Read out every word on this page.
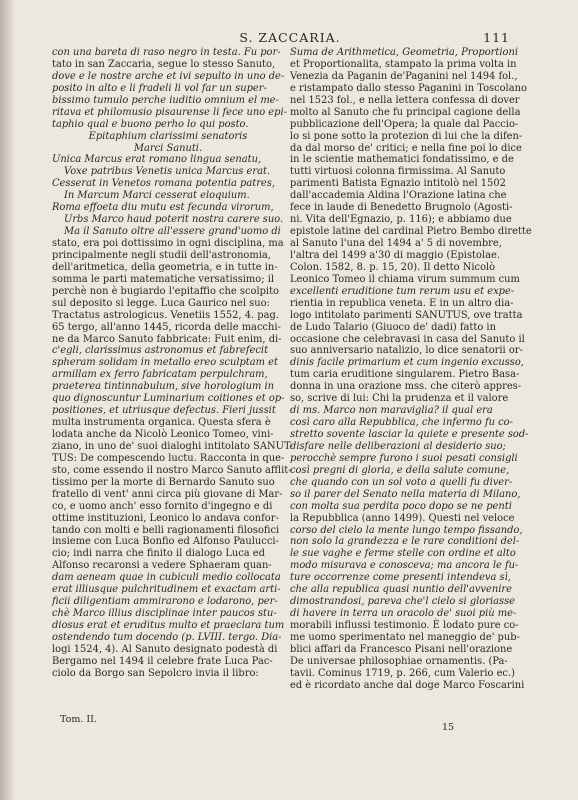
S. ZACCARIA.	111
con una bareta di raso negro in testa. Fu por-
tato in san Zaccaria, segue lo stesso Sanuto,
dove e le nostre arche et ivi sepulto in uno de-
posito in alto e li fradeli li vol far un super-
bissimo tumulo perche iuditio omnium el me-
ritava et philomusio pisaurense li fece uno epi-
taphio qual e buono perho lo qui posto.
Epitaphium clarissimi senatoris
Marci Sanuti.
Unica Marcus erat romano lingua senatu,
Voxe patribus Venetis unica Marcus erat.
Cesserat in Venetos romana potentia patres,
In Marcum Marci cesserat eloquium.
Roma effoeta diu mutu est fecunda virorum,
Urbs Marco haud poterit nostra carere suo.
Ma il Sanuto oltre all'essere grand'uomo di
stato, era poi dottissimo in ogni disciplina, ma
principalmente negli studii dell'astronomia,
dell'aritmetica, della geometria, e in tutte in-
somma le parti matematiche versatissimo; il
perchè non è bugiardo l'epitaffio che scolpito
sul deposito si legge. Luca Gaurico nel suo:
Tractatus astrologicus. Venetiis 1552, 4. pag.
65 tergo, all'anno 1445, ricorda delle macchi-
ne da Marco Sanuto fabbricate: Fuit enim, di-
c'egli, clarissimus astronomus et fabrefecit
spheram solidam in metallo ereo sculptam et
armillam ex ferro fabricatam perpulchram,
praeterea tintinnabulum, sive horologium in
quo dignoscuntur Luminarium coitiones et op-
positiones, et utriusque defectus. Fieri jussit
multa instrumenta organica. Questa sfera è
lodata anche da Nicolò Leonico Tomeo, vini-
ziano, in uno de' suoi dialoghi intitolato SANUT-
TUS: De compescendo luctu. Racconta in que-
sto, come essendo il nostro Marco Sanuto afflit-
tissimo per la morte di Bernardo Sanuto suo
fratello di vent' anni circa più giovane di Mar-
co, e uomo anch' esso fornito d'ingegno e di
ottime instituzioni, Leonico lo andava confor-
tando con molti e belli ragionamenti filosofici
insieme con Luca Bonfio ed Alfonso Paulucci-
cio; indi narra che finito il dialogo Luca ed
Alfonso recaronsi a vedere Sphaeram quan-
dam aeneam quae in cubiculi medio collocata
erat illiusque pulchritudinem et exactam arti-
ficii diligentiam ammirarono e lodarono, per-
chè Marco illius disciplinae inter paucos stu-
diosus erat et eruditus multo et praeclara tum
ostendendo tum docendo (p. LVIII. tergo. Dia-
logi 1524, 4). Al Sanuto designato podestà di
Bergamo nel 1494 il celebre frate Luca Pac-
ciolo da Borgo san Sepolcro invia il libro:
Suma de Arithmetica, Geometria, Proportioni
et Proportionalita, stampato la prima volta in
Venezia da Paganin de'Paganini nel 1494 fol.,
e ristampato dallo stesso Paganini in Toscolano
nel 1523 fol., e nella lettera confessa di dover
molto al Sanuto che fu principal cagione della
pubblicazione dell'Opera; la quale dal Paccio-
lo si pone sotto la protezion di lui che la difen-
da dal morso de' critici; e nella fine poi lo dice
in le scientie mathematici fondatissimo, e de
tutti virtuosi colonna firmissima. Al Sanuto
parimenti Batista Egnazio intitolò nel 1502
dall'accademia Aldina l'Orazione latina che
fece in laude di Benedetto Brugnolo (Agosti-
ni. Vita dell'Egnazio, p. 116); e abbiamo due
epistole latine del cardinal Pietro Bembo dirette
al Sanuto l'una del 1494 a' 5 di novembre,
l'altra del 1499 a'30 di maggio (Epistolae.
Colon. 1582, 8. p. 15, 20). Il detto Nicolò
Leonico Tomeo il chiama virum summum cum
excellenti eruditione tum rerum usu et expe-
rientia in republica veneta. E in un altro dia-
logo intitolato parimenti SANUTUS, ove tratta
de Ludo Talario (Giuoco de' dadi) fatto in
occasione che celebravasi in casa del Sanuto il
suo anniversario natalizio, lo dice senatorii or-
dinis facile primarium et cum ingenio excusso,
tum caria eruditione singularem. Pietro Basa-
donna in una orazione mss. che citerò appres-
so, scrive di lui: Chi la prudenza et il valore
di ms. Marco non maraviglia? il qual era
così caro alla Repubblica, che infermo fu co-
stretto sovente lasciar la quiete e presente sod-
disfare nelle deliberazioni al desiderio suo;
perocchè sempre furono i suoi pesati consigli
così pregni di gloria, e della salute comune,
che quando con un sol voto a quelli fu diver-
so il parer del Senato nella materia di Milano,
con molta sua perdita poco dopo se ne penti
la Repubblica (anno 1499). Questi nel veloce
corso del cielo la mente lungo tempo fissando,
non solo la grandezza e le rare conditioni del-
le sue vaghe e ferme stelle con ordine et alto
modo misurava e conosceva; ma ancora le fu-
ture occorrenze come presenti intendeva sì,
che alla republica quasi nuntio dell'avvenire
dimostrandosi, pareva che'l cielo si gloriasse
di havere in terra un oracolo de' suoi più me-
morabili influssi testimonio. È lodato pure co-
me uomo sperimentato nel maneggio de' pub-
blici affari da Francesco Pisani nell'orazione
De universae philosophiae ornamentis. (Pa-
tavii. Cominus 1719, p. 266, cum Valerio ec.)
ed è ricordato anche dal doge Marco Foscarini
Tom. II.
15
